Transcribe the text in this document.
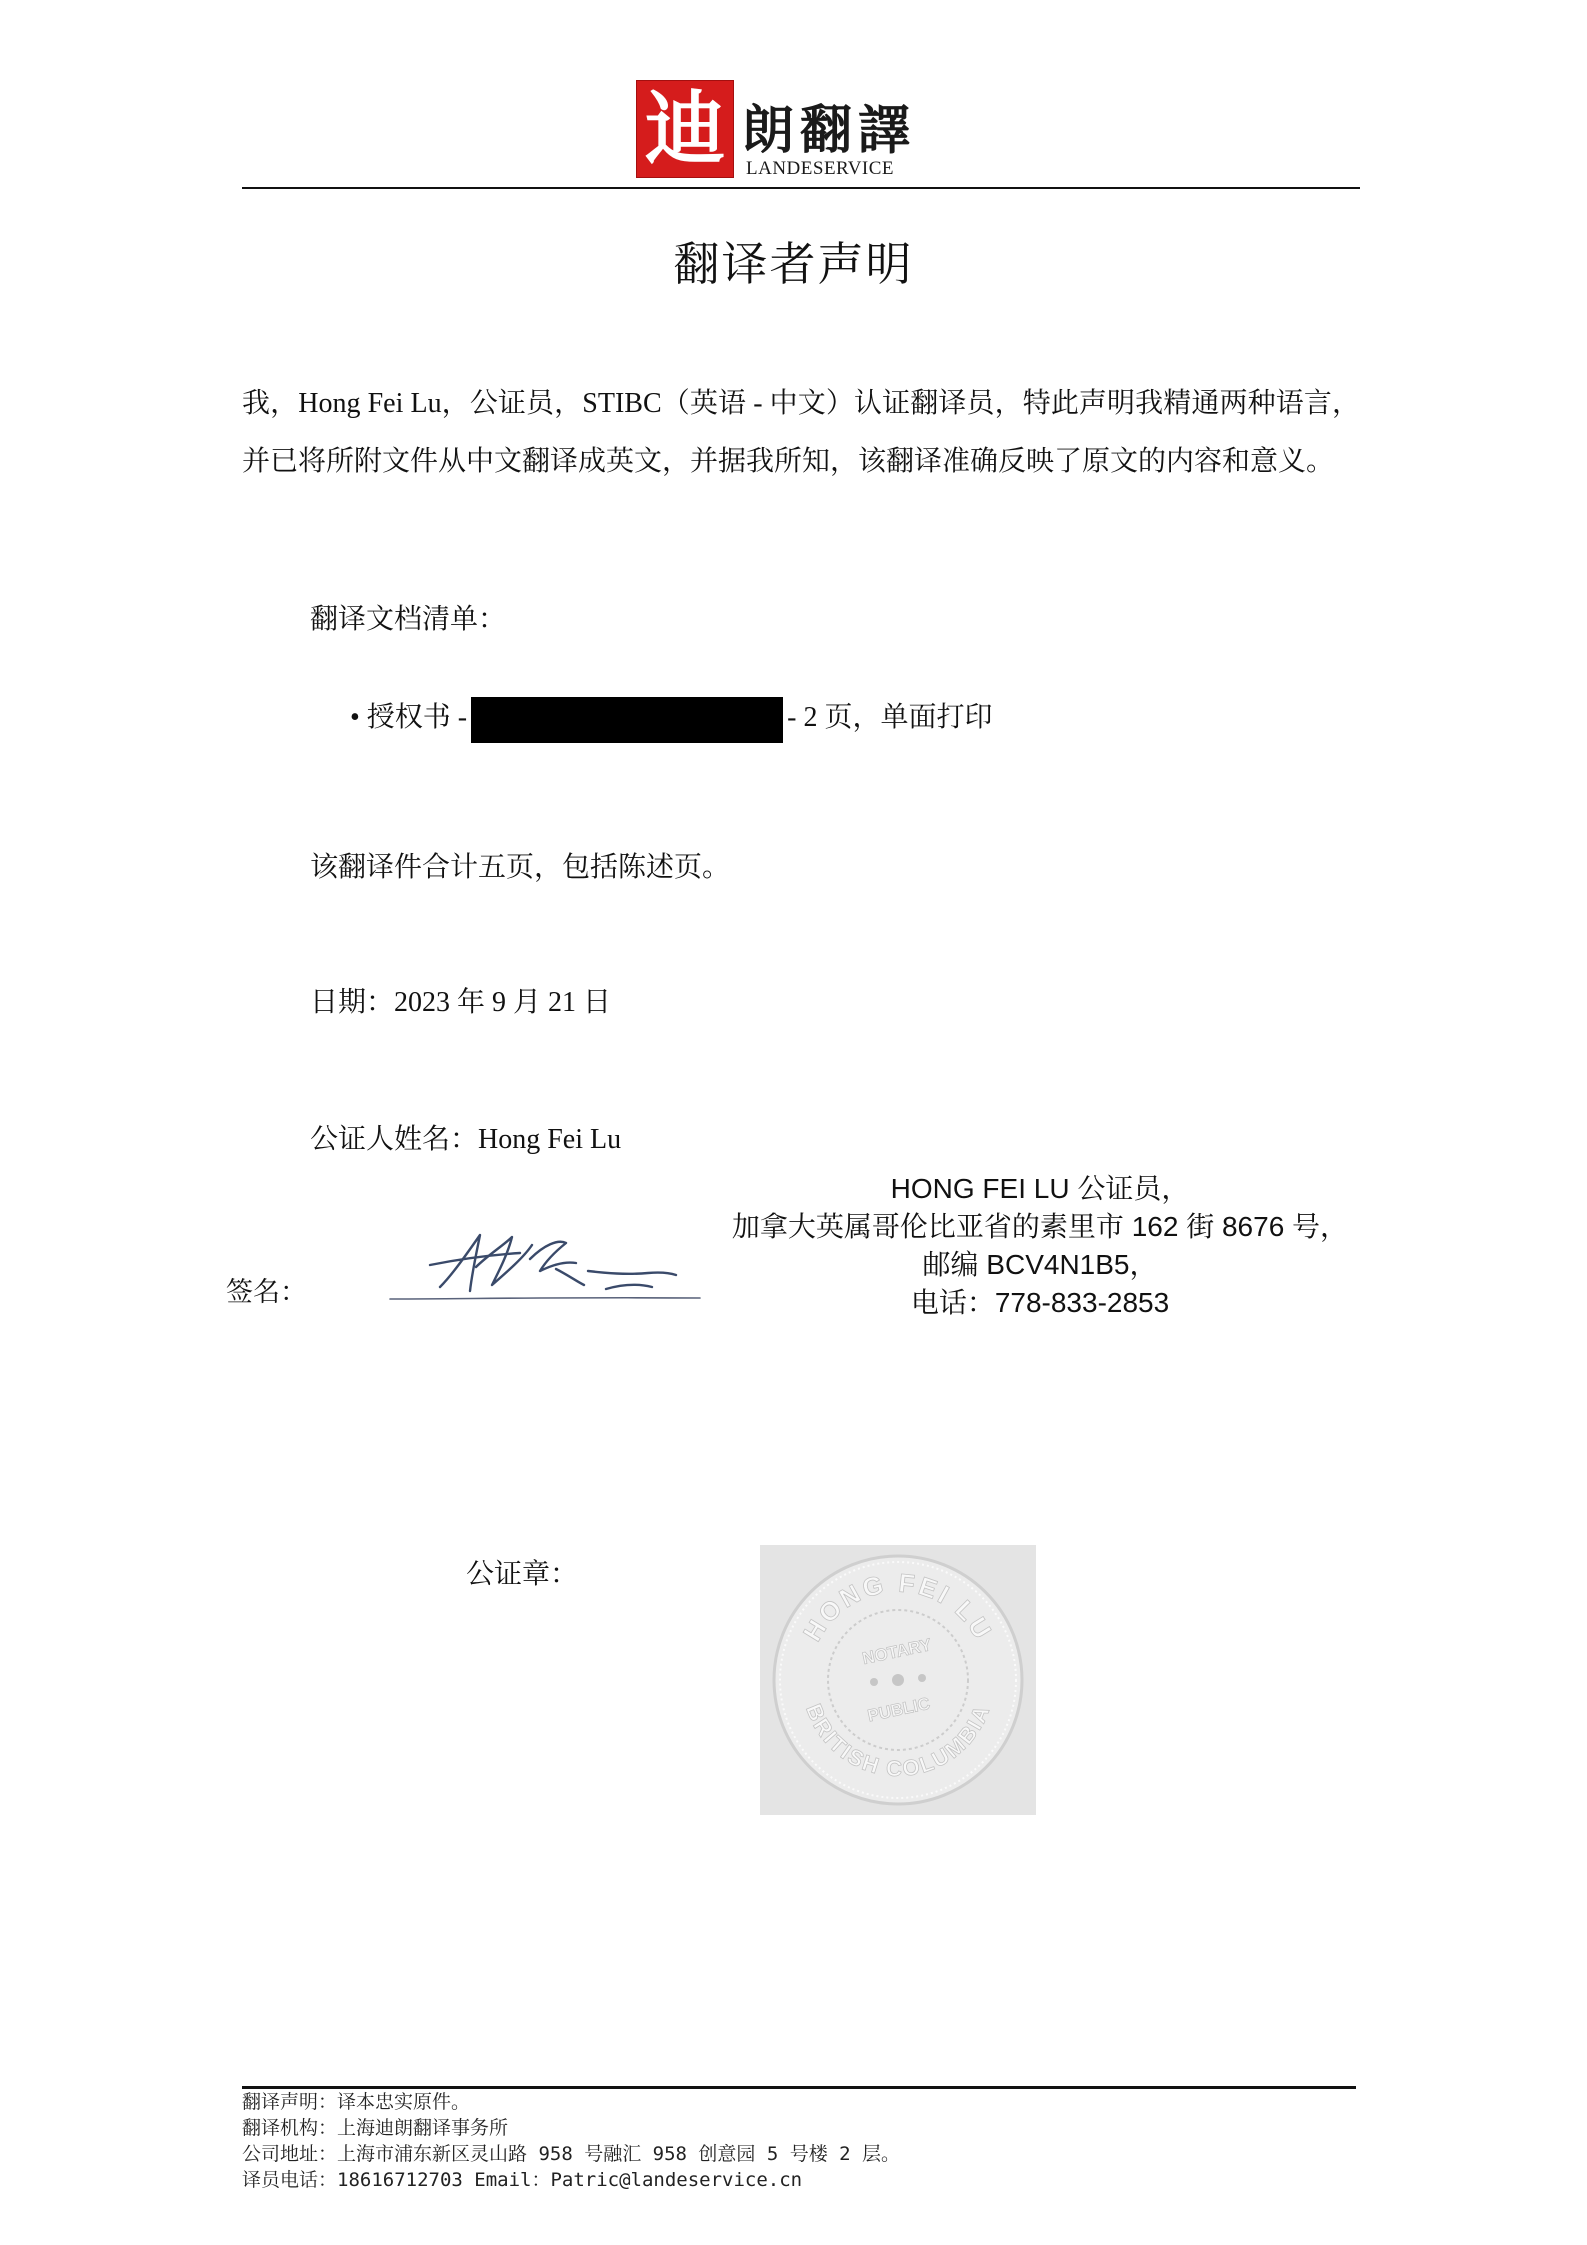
迪 朗翻譯
LANDESERVICE
翻译者声明
我，Hong Fei Lu，公证员，STIBC（英语 - 中文）认证翻译员，特此声明我精通两种语言，并已将所附文件从中文翻译成英文，并据我所知，该翻译准确反映了原文的内容和意义。
翻译文档清单：
• 授权书 -	- 2 页，单面打印
该翻译件合计五页，包括陈述页。
日期：2023 年 9 月 21 日
公证人姓名：Hong Fei Lu
HONG FEI LU 公证员，
加拿大英属哥伦比亚省的素里市 162 街 8676 号，
邮编 BCV4N1B5，
电话：778-833-2853
签名：
公证章：
HONG FEI LU
BRITISH COLUMBIA
NOTARY
PUBLIC
翻译声明：译本忠实原件。
翻译机构：上海迪朗翻译事务所
公司地址：上海市浦东新区灵山路 958 号融汇 958 创意园 5 号楼 2 层。
译员电话：18616712703 Email：Patric@landeservice.cn
